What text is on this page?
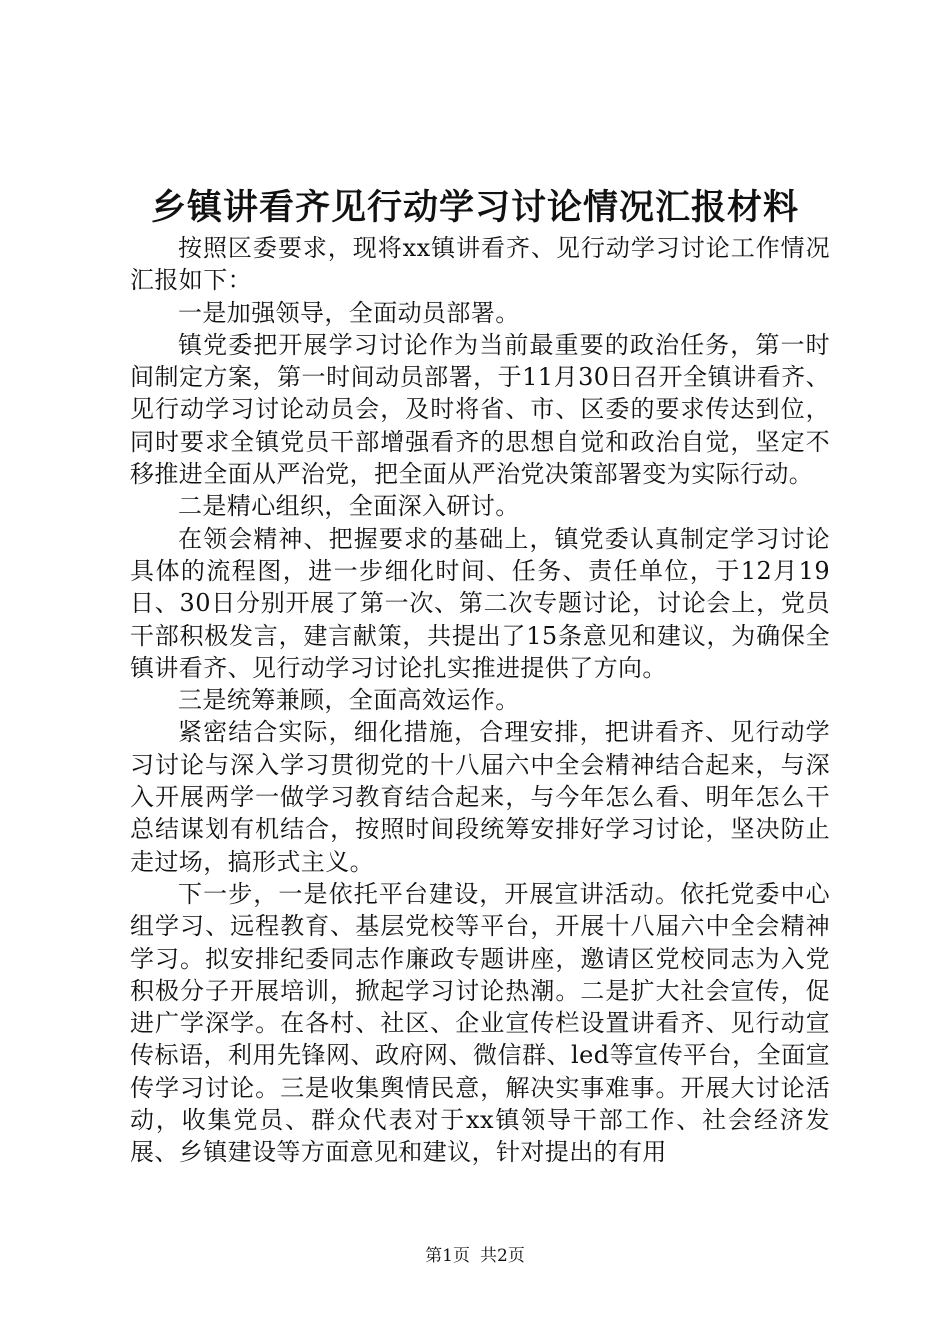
乡镇讲看齐见行动学习讨论情况汇报材料

按照区委要求，现将xx镇讲看齐、见行动学习讨论工作情况汇报如下：

一是加强领导，全面动员部署。

镇党委把开展学习讨论作为当前最重要的政治任务，第一时间制定方案，第一时间动员部署，于11月30日召开全镇讲看齐、见行动学习讨论动员会，及时将省、市、区委的要求传达到位，同时要求全镇党员干部增强看齐的思想自觉和政治自觉，坚定不移推进全面从严治党，把全面从严治党决策部署变为实际行动。

二是精心组织，全面深入研讨。

在领会精神、把握要求的基础上，镇党委认真制定学习讨论具体的流程图，进一步细化时间、任务、责任单位，于12月19日、30日分别开展了第一次、第二次专题讨论，讨论会上，党员干部积极发言，建言献策，共提出了15条意见和建议，为确保全镇讲看齐、见行动学习讨论扎实推进提供了方向。

三是统筹兼顾，全面高效运作。

紧密结合实际，细化措施，合理安排，把讲看齐、见行动学习讨论与深入学习贯彻党的十八届六中全会精神结合起来，与深入开展两学一做学习教育结合起来，与今年怎么看、明年怎么干总结谋划有机结合，按照时间段统筹安排好学习讨论，坚决防止走过场，搞形式主义。

下一步，一是依托平台建设，开展宣讲活动。依托党委中心组学习、远程教育、基层党校等平台，开展十八届六中全会精神学习。拟安排纪委同志作廉政专题讲座，邀请区党校同志为入党积极分子开展培训，掀起学习讨论热潮。二是扩大社会宣传，促进广学深学。在各村、社区、企业宣传栏设置讲看齐、见行动宣传标语，利用先锋网、政府网、微信群、led等宣传平台，全面宣传学习讨论。三是收集舆情民意，解决实事难事。开展大讨论活动，收集党员、群众代表对于xx镇领导干部工作、社会经济发展、乡镇建设等方面意见和建议，针对提出的有用

第1页 共2页
